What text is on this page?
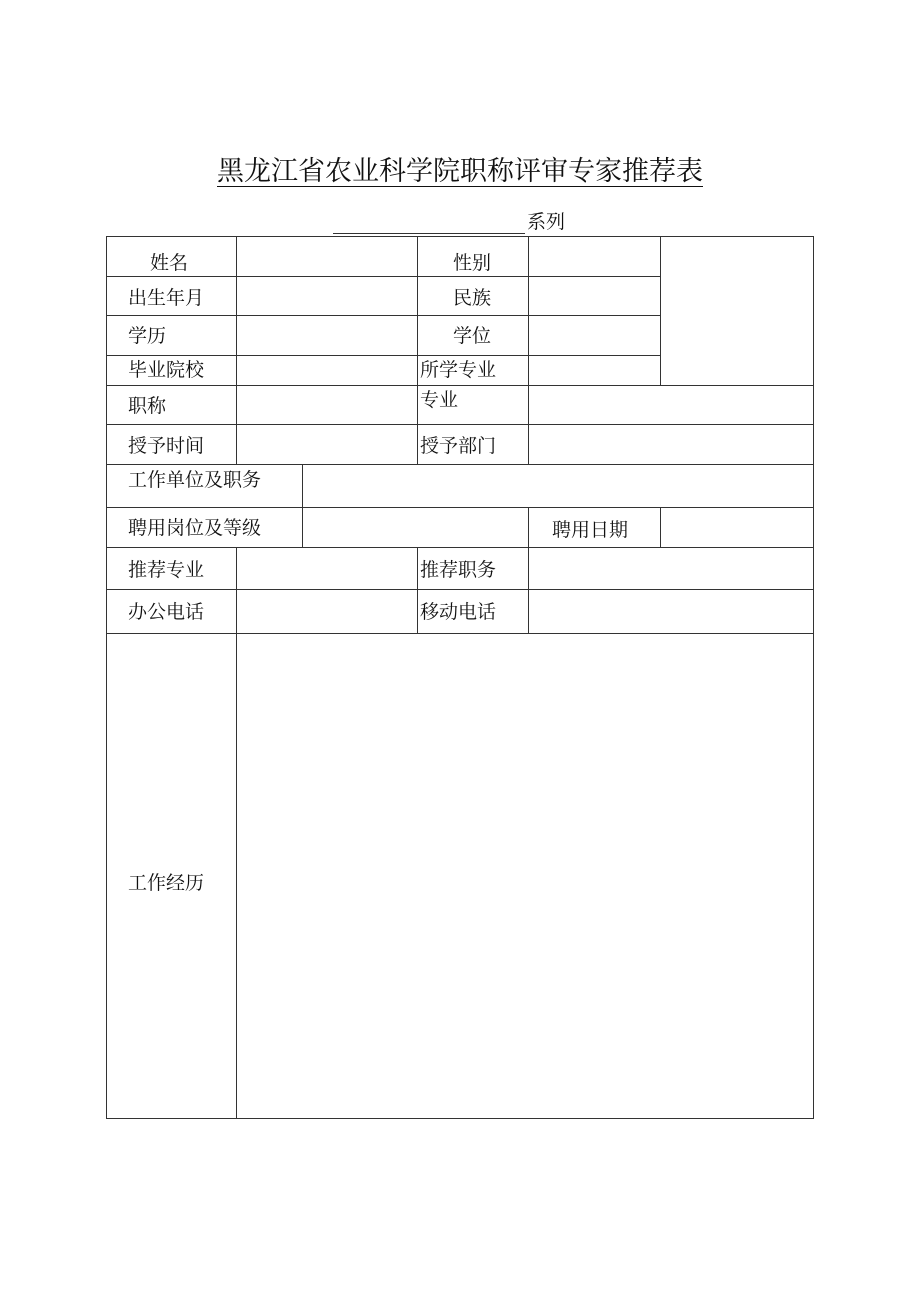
黑龙江省农业科学院职称评审专家推荐表
系列
姓名	性别
出生年月	民族
学历	学位
毕业院校	所学专业
职称	专业
授予时间	授予部门
工作单位及职务
聘用岗位及等级	聘用日期
推荐专业	推荐职务
办公电话	移动电话
工作经历
